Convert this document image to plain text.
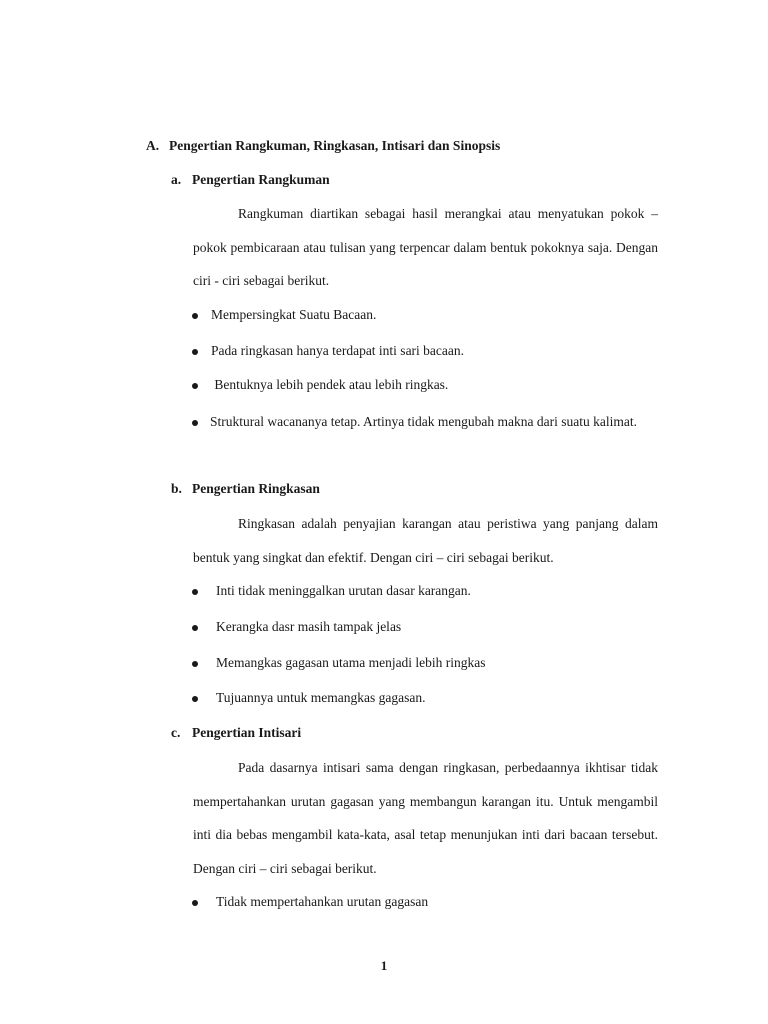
A. Pengertian Rangkuman, Ringkasan, Intisari dan Sinopsis
a. Pengertian Rangkuman

Rangkuman diartikan sebagai hasil merangkai atau menyatukan pokok – pokok pembicaraan atau tulisan yang terpencar dalam bentuk pokoknya saja. Dengan ciri - ciri sebagai berikut.

Mempersingkat Suatu Bacaan.
Pada ringkasan hanya terdapat inti sari bacaan.
Bentuknya lebih pendek atau lebih ringkas.
Struktural wacananya tetap. Artinya tidak mengubah makna dari suatu kalimat.
b. Pengertian Ringkasan

Ringkasan adalah penyajian karangan atau peristiwa yang panjang dalam bentuk yang singkat dan efektif. Dengan ciri – ciri sebagai berikut.

Inti tidak meninggalkan urutan dasar karangan.
Kerangka dasr masih tampak jelas
Memangkas gagasan utama menjadi lebih ringkas
Tujuannya untuk memangkas gagasan.
c. Pengertian Intisari

Pada dasarnya intisari sama dengan ringkasan, perbedaannya ikhtisar tidak mempertahankan urutan gagasan yang membangun karangan itu. Untuk mengambil inti dia bebas mengambil kata-kata, asal tetap menunjukan inti dari bacaan tersebut. Dengan ciri – ciri sebagai berikut.

Tidak mempertahankan urutan gagasan
1
